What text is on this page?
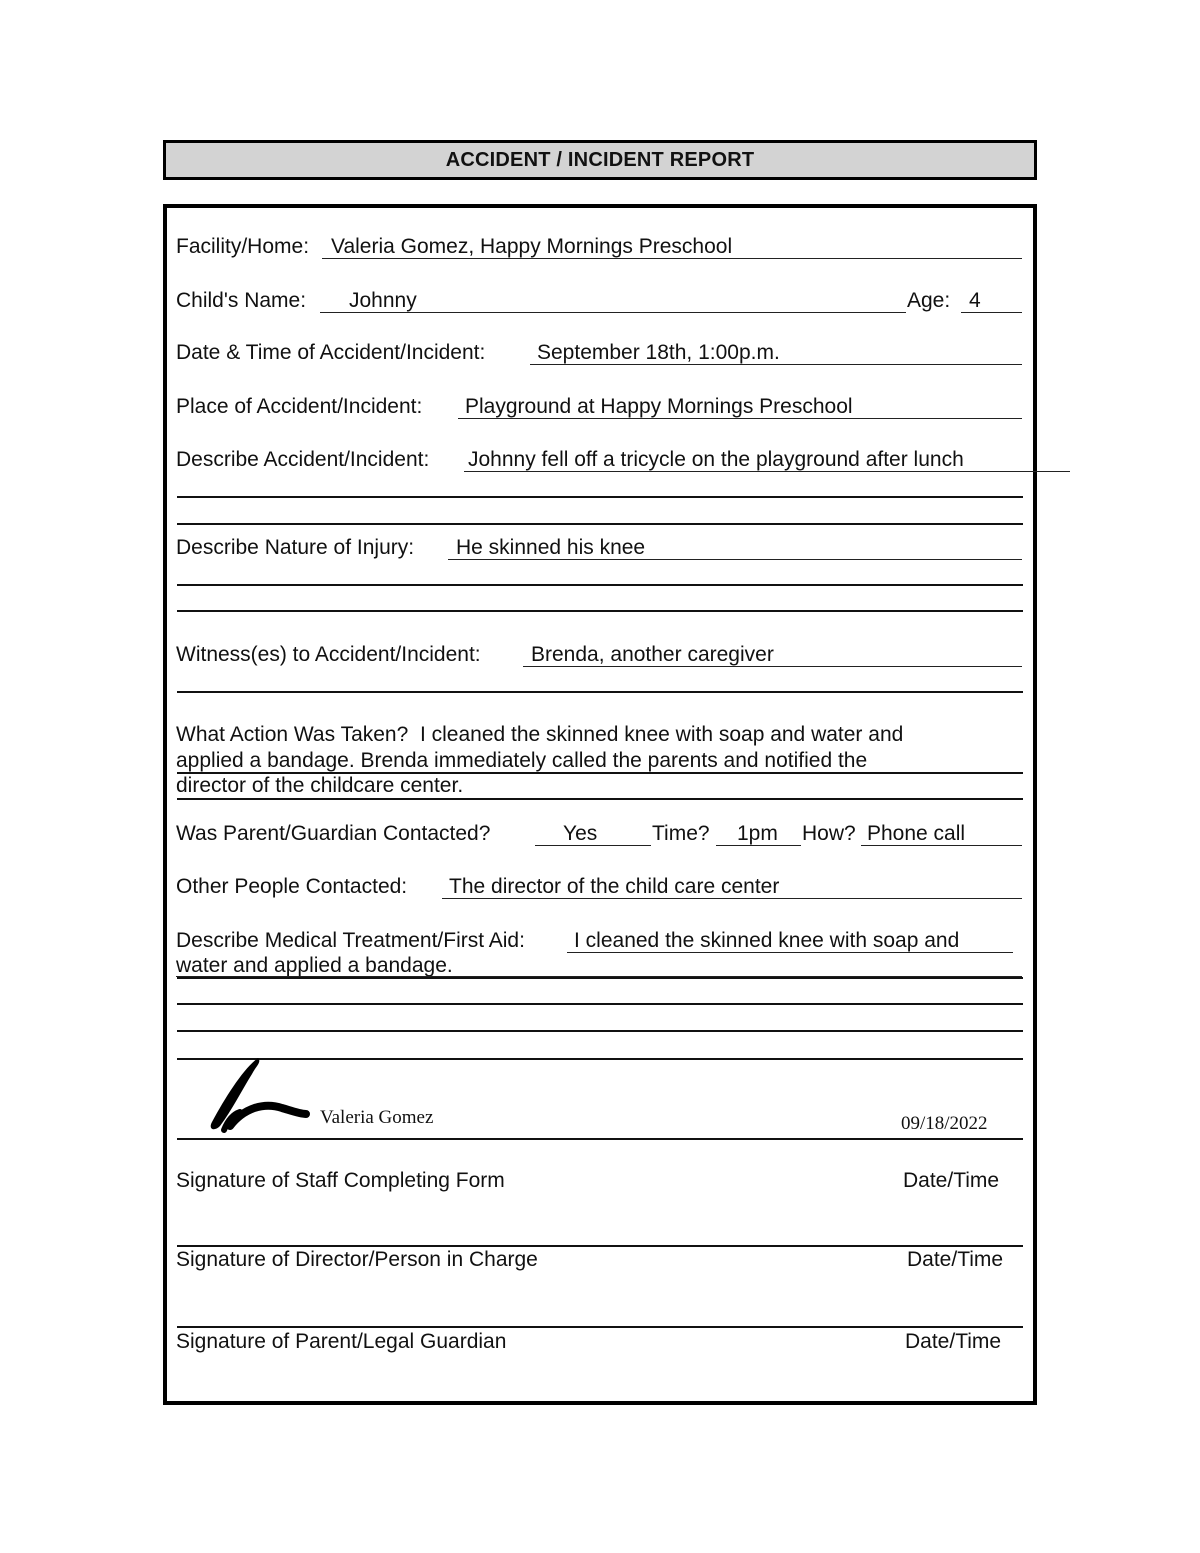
ACCIDENT / INCIDENT REPORT
Facility/Home: Valeria Gomez, Happy Mornings Preschool
Child's Name: Johnny	Age: 4
Date & Time of Accident/Incident: September 18th, 1:00p.m.
Place of Accident/Incident: Playground at Happy Mornings Preschool
Describe Accident/Incident: Johnny fell off a tricycle on the playground after lunch
Describe Nature of Injury: He skinned his knee
Witness(es) to Accident/Incident: Brenda, another caregiver
What Action Was Taken? I cleaned the skinned knee with soap and water and
applied a bandage. Brenda immediately called the parents and notified the
director of the childcare center.
Was Parent/Guardian Contacted?	Yes	Time? 1pm How? Phone call
Other People Contacted: The director of the child care center
Describe Medical Treatment/First Aid: I cleaned the skinned knee with soap and
water and applied a bandage.
Valeria Gomez	09/18/2022
Signature of Staff Completing Form	Date/Time
Signature of Director/Person in Charge	Date/Time
Signature of Parent/Legal Guardian	Date/Time
